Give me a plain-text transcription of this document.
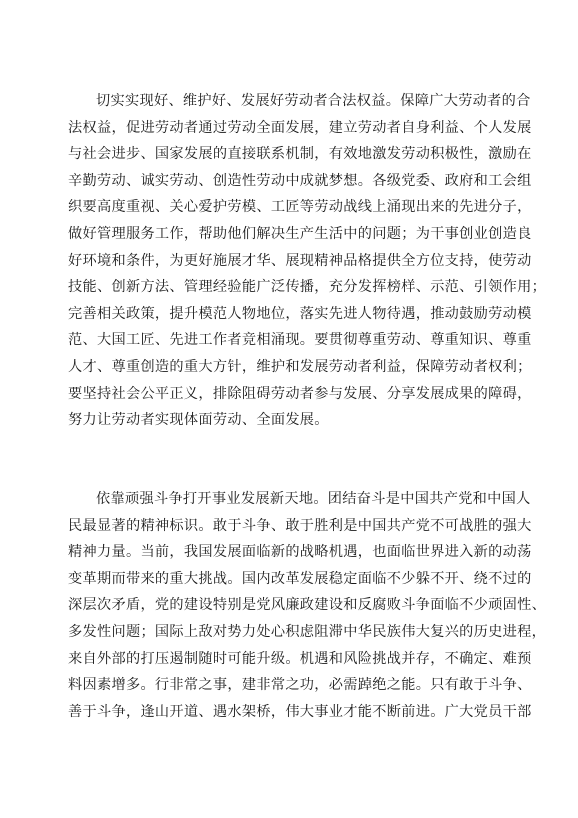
切实实现好、维护好、发展好劳动者合法权益。保障广大劳动者的合
法权益，促进劳动者通过劳动全面发展，建立劳动者自身利益、个人发展
与社会进步、国家发展的直接联系机制，有效地激发劳动积极性，激励在
辛勤劳动、诚实劳动、创造性劳动中成就梦想。各级党委、政府和工会组
织要高度重视、关心爱护劳模、工匠等劳动战线上涌现出来的先进分子，
做好管理服务工作，帮助他们解决生产生活中的问题；为干事创业创造良
好环境和条件，为更好施展才华、展现精神品格提供全方位支持，使劳动
技能、创新方法、管理经验能广泛传播，充分发挥榜样、示范、引领作用；
完善相关政策，提升模范人物地位，落实先进人物待遇，推动鼓励劳动模
范、大国工匠、先进工作者竞相涌现。要贯彻尊重劳动、尊重知识、尊重
人才、尊重创造的重大方针，维护和发展劳动者利益，保障劳动者权利；
要坚持社会公平正义，排除阻碍劳动者参与发展、分享发展成果的障碍，
努力让劳动者实现体面劳动、全面发展。
依靠顽强斗争打开事业发展新天地。团结奋斗是中国共产党和中国人
民最显著的精神标识。敢于斗争、敢于胜利是中国共产党不可战胜的强大
精神力量。当前，我国发展面临新的战略机遇，也面临世界进入新的动荡
变革期而带来的重大挑战。国内改革发展稳定面临不少躲不开、绕不过的
深层次矛盾，党的建设特别是党风廉政建设和反腐败斗争面临不少顽固性、
多发性问题；国际上敌对势力处心积虑阻滞中华民族伟大复兴的历史进程，
来自外部的打压遏制随时可能升级。机遇和风险挑战并存，不确定、难预
料因素增多。行非常之事，建非常之功，必需踔绝之能。只有敢于斗争、
善于斗争，逢山开道、遇水架桥，伟大事业才能不断前进。广大党员干部
